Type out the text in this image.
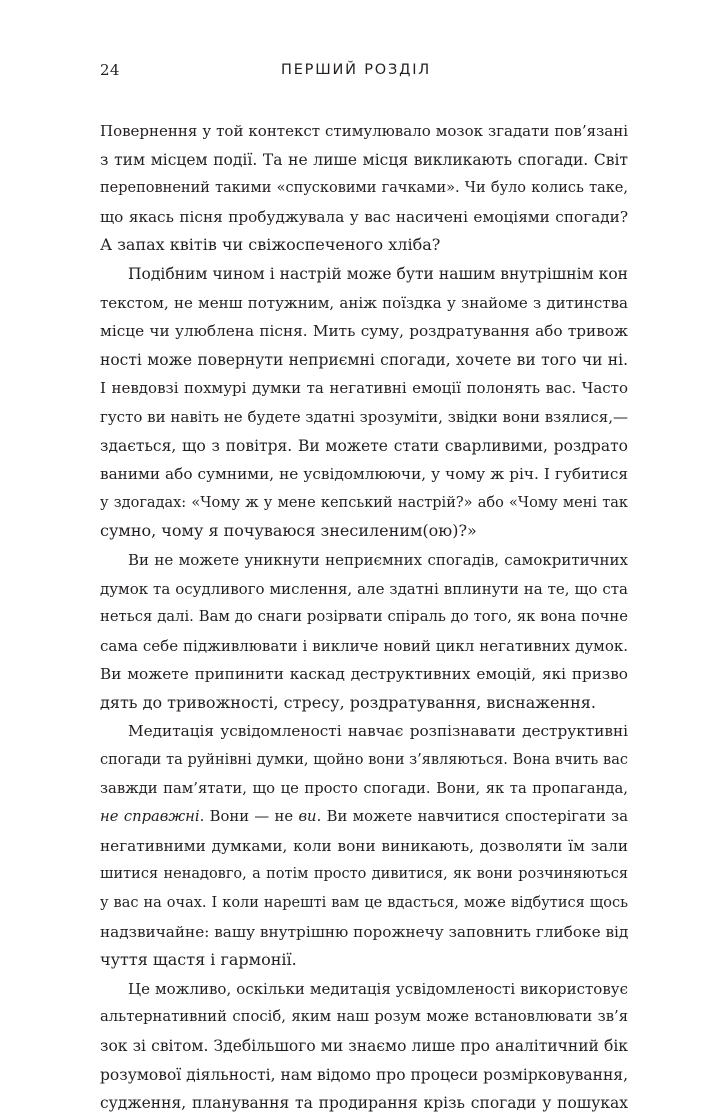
24	ПЕРШИЙ РОЗДІЛ

Повернення у той контекст стимулювало мозок згадати пов’язані
з тим місцем події. Та не лише місця викликають спогади. Світ
переповнений такими «спусковими гачками». Чи було колись таке,
що якась пісня пробуджувала у вас насичені емоціями спогади?
А запах квітів чи свіжоспеченого хліба?

Подібним чином і настрій може бути нашим внутрішнім кон
текстом, не менш потужним, аніж поїздка у знайоме з дитинства
місце чи улюблена пісня. Мить суму, роздратування або тривож
ності може повернути неприємні спогади, хочете ви того чи ні.
І невдовзі похмурі думки та негативні емоції полонять вас. Часто
густо ви навіть не будете здатні зрозуміти, звідки вони взялися,—
здається, що з повітря. Ви можете стати сварливими, роздрато
ваними або сумними, не усвідомлюючи, у чому ж річ. І губитися
у здогадах: «Чому ж у мене кепський настрій?» або «Чому мені так
сумно, чому я почуваюся знесиленим(ою)?»

Ви не можете уникнути неприємних спогадів, самокритичних
думок та осудливого мислення, але здатні вплинути на те, що ста
неться далі. Вам до снаги розірвати спіраль до того, як вона почне
сама себе підживлювати і викличе новий цикл негативних думок.
Ви можете припинити каскад деструктивних емоцій, які призво
дять до тривожності, стресу, роздратування, виснаження.

Медитація усвідомленості навчає розпізнавати деструктивні
спогади та руйнівні думки, щойно вони з’являються. Вона вчить вас
завжди пам’ятати, що це просто спогади. Вони, як та пропаганда,
не справжні. Вони — не ви. Ви можете навчитися спостерігати за
негативними думками, коли вони виникають, дозволяти їм зали
шитися ненадовго, а потім просто дивитися, як вони розчиняються
у вас на очах. І коли нарешті вам це вдасться, може відбутися щось
надзвичайне: вашу внутрішню порожнечу заповнить глибоке від
чуття щастя і гармонії.

Це можливо, оскільки медитація усвідомленості використовує
альтернативний спосіб, яким наш розум може встановлювати зв’я
зок зі світом. Здебільшого ми знаємо лише про аналітичний бік
розумової діяльності, нам відомо про процеси розмірковування,
судження, планування та продирання крізь спогади у пошуках
